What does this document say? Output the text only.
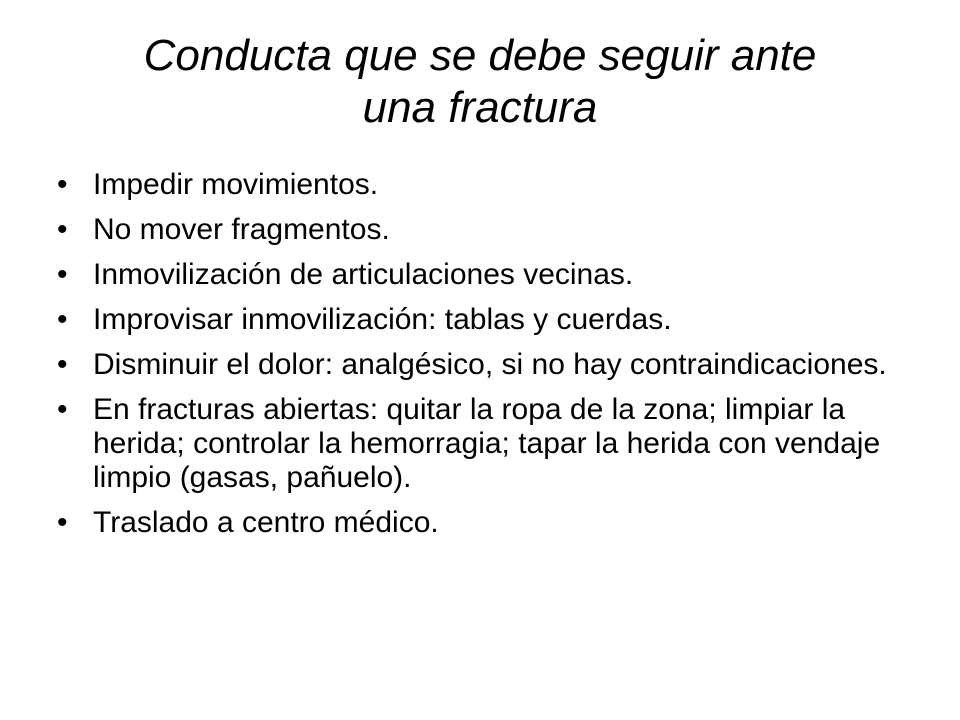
Conducta que se debe seguir ante
una fractura
• Impedir movimientos.
• No mover fragmentos.
• Inmovilización de articulaciones vecinas.
• Improvisar inmovilización: tablas y cuerdas.
• Disminuir el dolor: analgésico, si no hay contraindicaciones.
• En fracturas abiertas: quitar la ropa de la zona; limpiar la herida; controlar la hemorragia; tapar la herida con vendaje limpio (gasas, pañuelo).
• Traslado a centro médico.
